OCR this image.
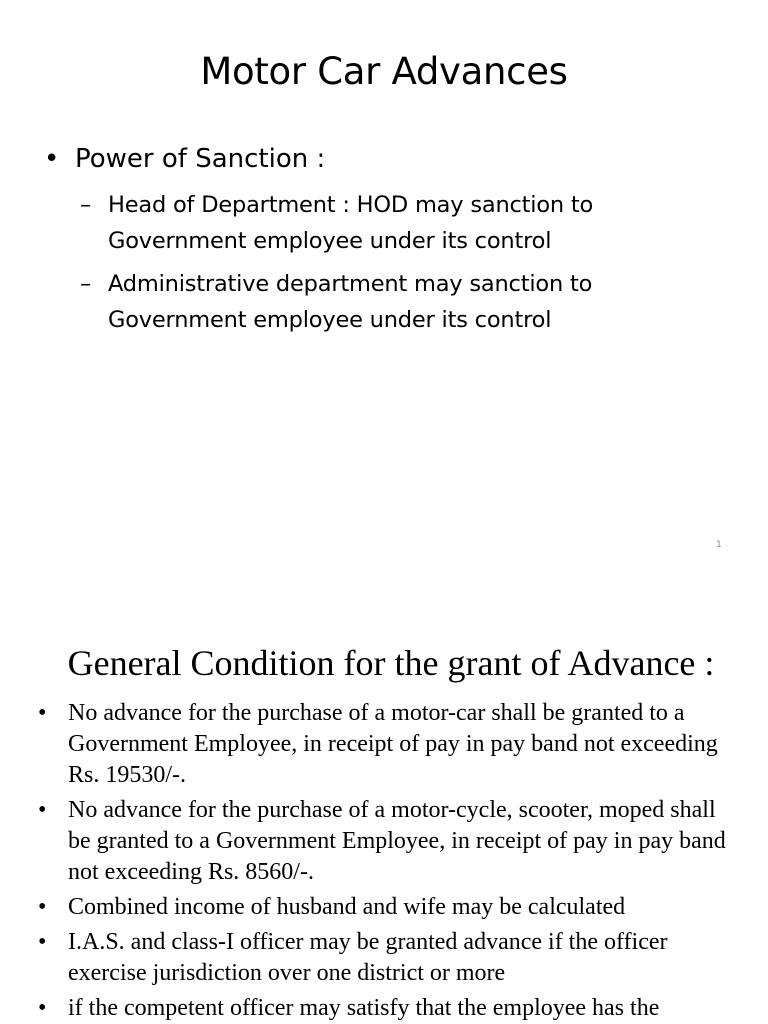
Motor Car Advances
• Power of Sanction :
– Head of Department : HOD may sanction to Government employee under its control
– Administrative department may sanction to Government employee under its control
1
General Condition for the grant of Advance :
• No advance for the purchase of a motor-car shall be granted to a Government Employee, in receipt of pay in pay band not exceeding Rs. 19530/-.
• No advance for the purchase of a motor-cycle, scooter, moped shall be granted to a Government Employee, in receipt of pay in pay band not exceeding Rs. 8560/-.
• Combined income of husband and wife may be calculated
• I.A.S. and class-I officer may be granted advance if the officer exercise jurisdiction over one district or more
• if the competent officer may satisfy that the employee has the
